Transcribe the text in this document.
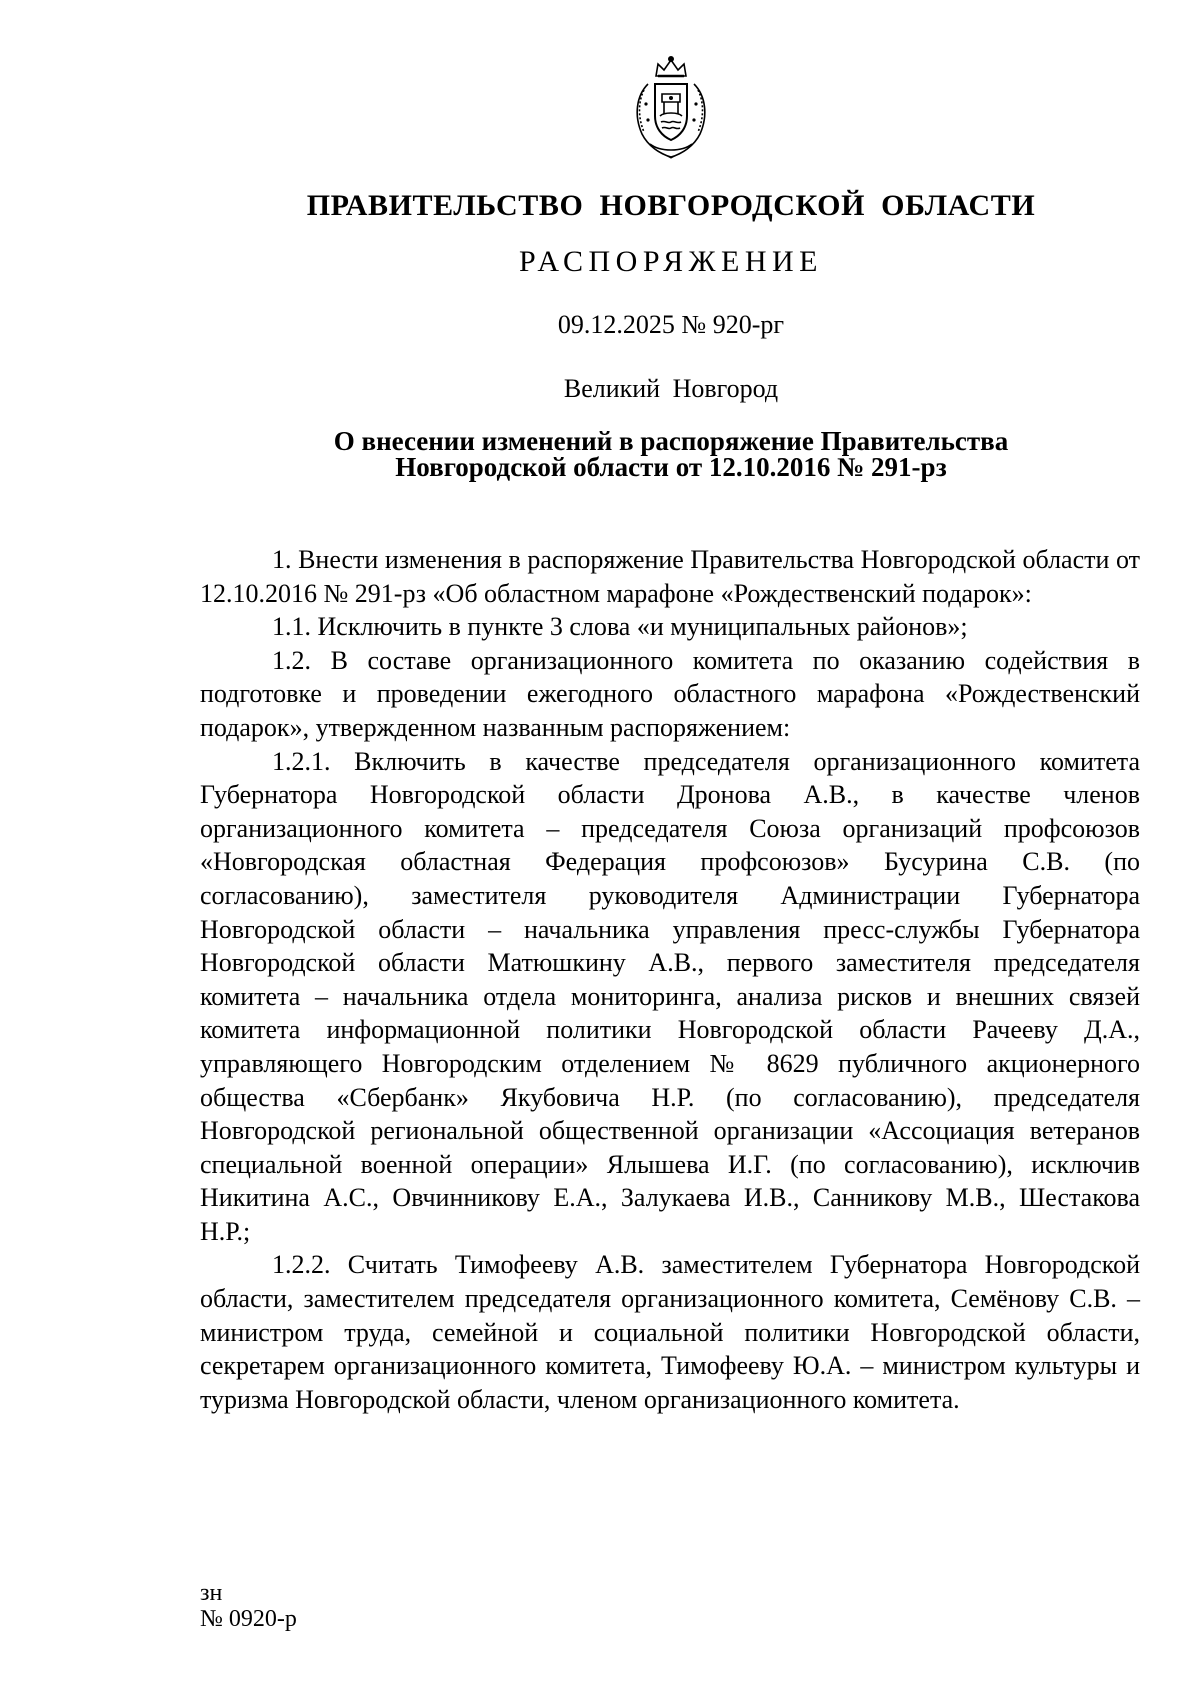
ПРАВИТЕЛЬСТВО НОВГОРОДСКОЙ ОБЛАСТИ
РАСПОРЯЖЕНИЕ
09.12.2025 № 920-рг
Великий Новгород
О внесении изменений в распоряжение Правительства
Новгородской области от 12.10.2016 № 291-рз

1. Внести изменения в распоряжение Правительства Новгородской области от 12.10.2016 № 291-рз «Об областном марафоне «Рождественский подарок»:

1.1. Исключить в пункте 3 слова «и муниципальных районов»;

1.2. В составе организационного комитета по оказанию содействия в подготовке и проведении ежегодного областного марафона «Рождественский подарок», утвержденном названным распоряжением:

1.2.1. Включить в качестве председателя организационного комитета Губернатора Новгородской области Дронова А.В., в качестве членов организационного комитета – председателя Союза организаций профсоюзов «Новгородская областная Федерация профсоюзов» Бусурина С.В. (по согласованию), заместителя руководителя Администрации Губернатора Новгородской области – начальника управления пресс-службы Губернатора Новгородской области Матюшкину А.В., первого заместителя председателя комитета – начальника отдела мониторинга, анализа рисков и внешних связей комитета информационной политики Новгородской области Рачееву Д.А., управляющего Новгородским отделением № 8629 публичного акционерного общества «Сбербанк» Якубовича Н.Р. (по согласованию), председателя Новгородской региональной общественной организации «Ассоциация ветеранов специальной военной операции» Ялышева И.Г. (по согласованию), исключив Никитина А.С., Овчинникову Е.А., Залукаева И.В., Санникову М.В., Шестакова Н.Р.;

1.2.2. Считать Тимофееву А.В. заместителем Губернатора Новгородской области, заместителем председателя организационного комитета, Семёнову С.В. – министром труда, семейной и социальной политики Новгородской области, секретарем организационного комитета, Тимофееву Ю.А. – министром культуры и туризма Новгородской области, членом организационного комитета.

зн
№ 0920-р
